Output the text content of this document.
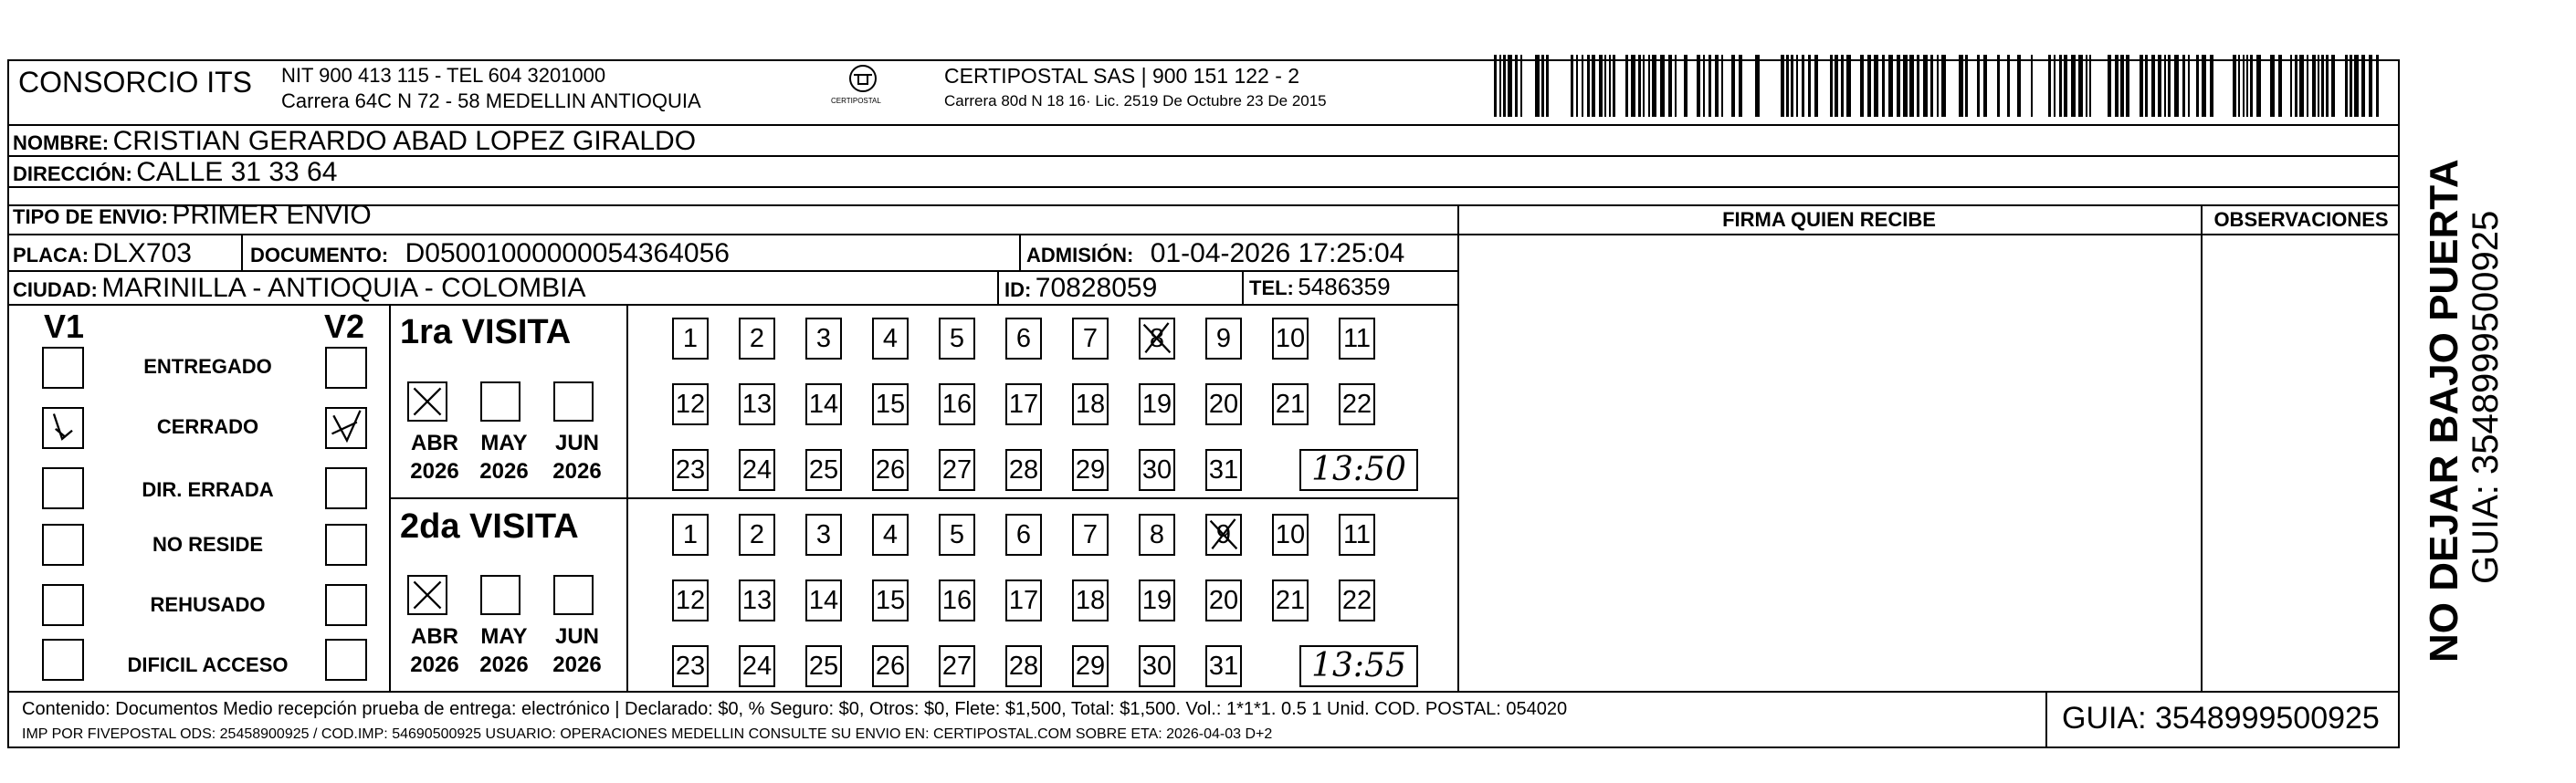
CONSORCIO ITS NIT 900 413 115 - TEL 604 3201000
Carrera 64C N 72 - 58 MEDELLIN ANTIOQUIA	CERTIPOSTAL
CERTIPOSTAL SAS | 900 151 122 - 2
Carrera 80d N 18 16· Lic. 2519 De Octubre 23 De 2015
NOMBRE: CRISTIAN GERARDO ABAD LOPEZ GIRALDO
DIRECCIÓN: CALLE 31 33 64
TIPO DE ENVIO: PRIMER ENVIO
PLACA: DLX703	DOCUMENTO: D05001000000054364056	ADMISIÓN: 01-04-2026 17:25:04
CIUDAD: MARINILLA - ANTIOQUIA - COLOMBIA	ID: 70828059	TEL: 5486359
FIRMA QUIEN RECIBE	OBSERVACIONES
V1	V2
ENTREGADO
CERRADO
DIR. ERRADA
NO RESIDE
REHUSADO
DIFICIL ACCESO
1ra VISITA
ABR	MAY	JUN
2026 2026	2026
1	2	3	4	5	6	7	8	9	10 11
12 13 14 15 16 17 18 19 20 21 22
23 24 25 26 27 28 29 30 31	13:50
2da VISITA
ABR	MAY	JUN
2026 2026	2026
1	2	3	4	5	6	7	8	9	10 11
12 13 14 15 16 17 18 19 20 21 22
23 24 25 26 27 28 29 30 31	13:55
Contenido: Documentos Medio recepción prueba de entrega: electrónico | Declarado: $0, % Seguro: $0, Otros: $0, Flete: $1,500, Total: $1,500. Vol.: 1*1*1. 0.5 1 Unid. COD. POSTAL: 054020
IMP POR FIVEPOSTAL ODS: 25458900925 / COD.IMP: 54690500925 USUARIO: OPERACIONES MEDELLIN CONSULTE SU ENVIO EN: CERTIPOSTAL.COM SOBRE ETA: 2026-04-03 D+2	GUIA: 3548999500925
NO DEJAR BAJO PUERTA GUIA: 3548999500925
